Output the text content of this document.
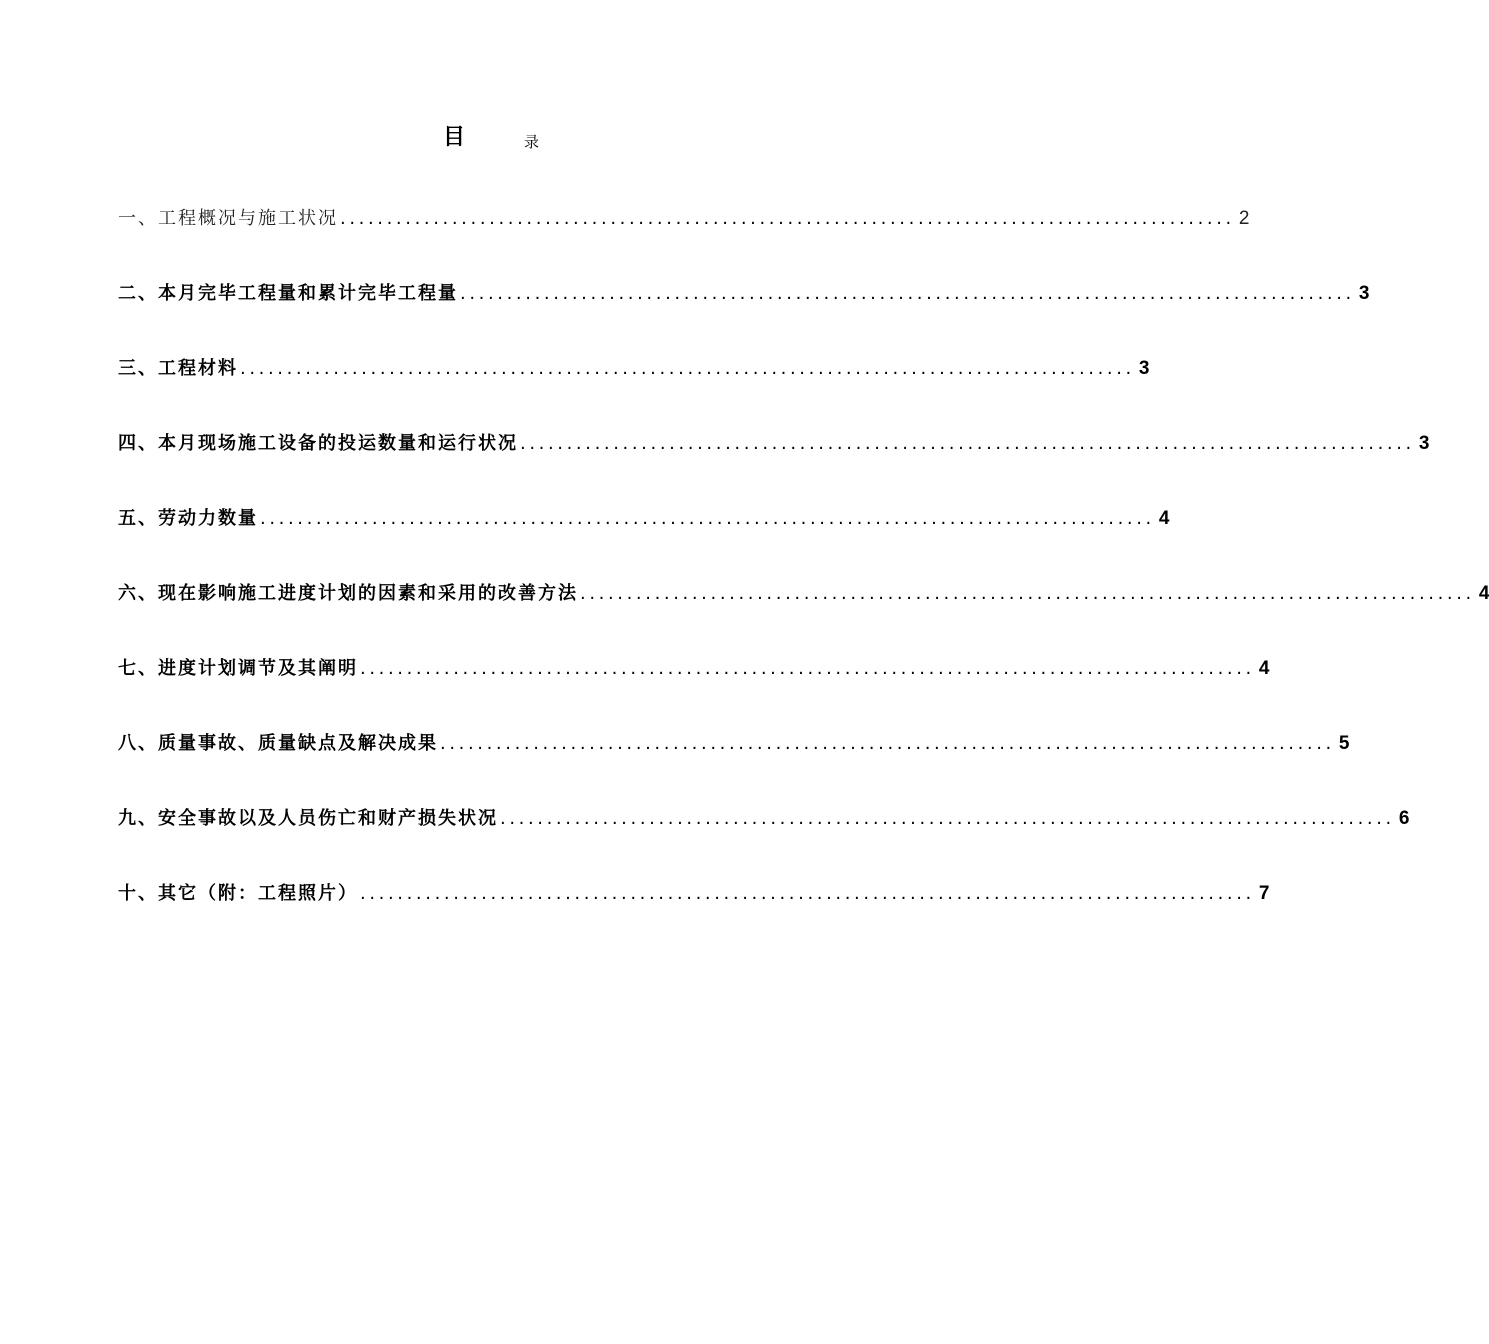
目	录
一、工程概况与施工状况 ................................................................................................ 2
二、本月完毕工程量和累计完毕工程量 ................................................................................................ 3
三、工程材料 ................................................................................................ 3
四、本月现场施工设备的投运数量和运行状况 ................................................................................................ 3
五、劳动力数量 ................................................................................................ 4
六、现在影响施工进度计划的因素和采用的改善方法 ................................................................................................ 4
七、进度计划调节及其阐明 ................................................................................................ 4
八、质量事故、质量缺点及解决成果 ................................................................................................ 5
九、安全事故以及人员伤亡和财产损失状况 ................................................................................................ 6
十、其它（附：工程照片） ................................................................................................ 7
